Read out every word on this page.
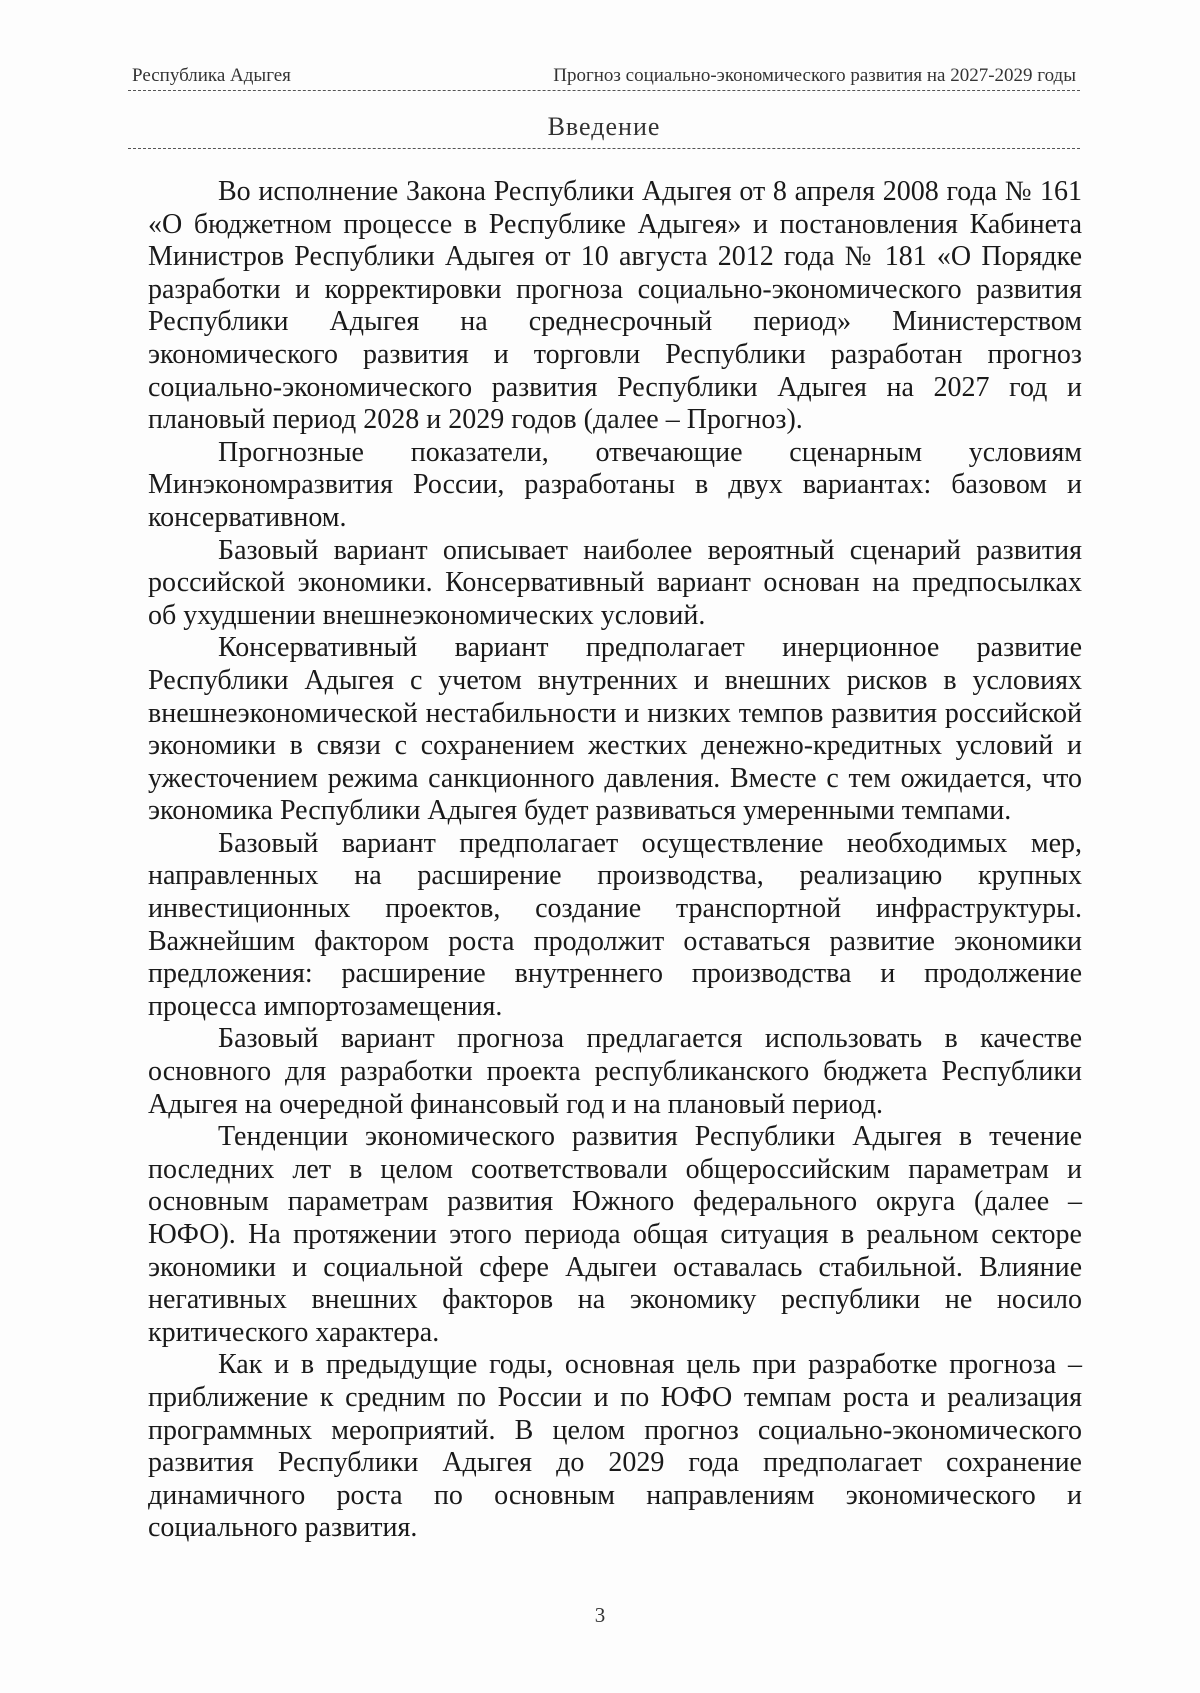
Республика Адыгея	Прогноз социально-экономического развития на 2027-2029 годы
Введение

Во исполнение Закона Республики Адыгея от 8 апреля 2008 года № 161 «О бюджетном процессе в Республике Адыгея» и постановления Кабинета Министров Республики Адыгея от 10 августа 2012 года № 181 «О Порядке разработки и корректировки прогноза социально-экономического развития Республики Адыгея на среднесрочный период» Министерством экономического развития и торговли Республики разработан прогноз социально-экономического развития Республики Адыгея на 2027 год и плановый период 2028 и 2029 годов (далее – Прогноз).

Прогнозные показатели, отвечающие сценарным условиям Минэкономразвития России, разработаны в двух вариантах: базовом и консервативном.

Базовый вариант описывает наиболее вероятный сценарий развития российской экономики. Консервативный вариант основан на предпосылках об ухудшении внешнеэкономических условий.

Консервативный вариант предполагает инерционное развитие Республики Адыгея с учетом внутренних и внешних рисков в условиях внешнеэкономической нестабильности и низких темпов развития российской экономики в связи с сохранением жестких денежно-кредитных условий и ужесточением режима санкционного давления. Вместе с тем ожидается, что экономика Республики Адыгея будет развиваться умеренными темпами.

Базовый вариант предполагает осуществление необходимых мер, направленных на расширение производства, реализацию крупных инвестиционных проектов, создание транспортной инфраструктуры. Важнейшим фактором роста продолжит оставаться развитие экономики предложения: расширение внутреннего производства и продолжение процесса импортозамещения.

Базовый вариант прогноза предлагается использовать в качестве основного для разработки проекта республиканского бюджета Республики Адыгея на очередной финансовый год и на плановый период.

Тенденции экономического развития Республики Адыгея в течение последних лет в целом соответствовали общероссийским параметрам и основным параметрам развития Южного федерального округа (далее – ЮФО). На протяжении этого периода общая ситуация в реальном секторе экономики и социальной сфере Адыгеи оставалась стабильной. Влияние негативных внешних факторов на экономику республики не носило критического характера.

Как и в предыдущие годы, основная цель при разработке прогноза – приближение к средним по России и по ЮФО темпам роста и реализация программных мероприятий. В целом прогноз социально-экономического развития Республики Адыгея до 2029 года предполагает сохранение динамичного роста по основным направлениям экономического и социального развития.

3
